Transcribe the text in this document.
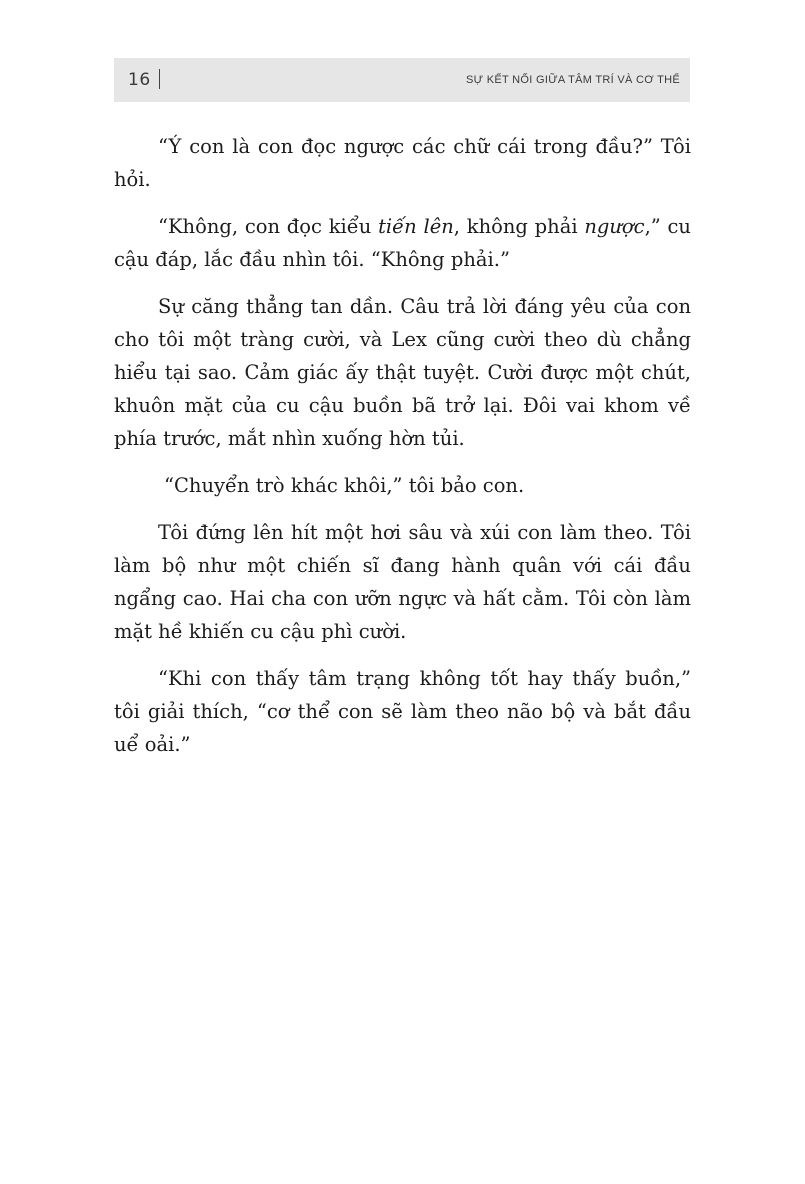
16	SỰ KẾT NỐI GIỮA TÂM TRÍ VÀ CƠ THỂ

“Ý con là con đọc ngược các chữ cái trong đầu?” Tôi hỏi.

“Không, con đọc kiểu tiến lên, không phải ngược,” cu cậu đáp, lắc đầu nhìn tôi. “Không phải.”

Sự căng thẳng tan dần. Câu trả lời đáng yêu của con cho tôi một tràng cười, và Lex cũng cười theo dù chẳng hiểu tại sao. Cảm giác ấy thật tuyệt. Cười được một chút, khuôn mặt của cu cậu buồn bã trở lại. Đôi vai khom về phía trước, mắt nhìn xuống hờn tủi.

“Chuyển trò khác khôi,” tôi bảo con.

Tôi đứng lên hít một hơi sâu và xúi con làm theo. Tôi làm bộ như một chiến sĩ đang hành quân với cái đầu ngẩng cao. Hai cha con ưỡn ngực và hất cằm. Tôi còn làm mặt hề khiến cu cậu phì cười.

“Khi con thấy tâm trạng không tốt hay thấy buồn,” tôi giải thích, “cơ thể con sẽ làm theo não bộ và bắt đầu uể oải.”
